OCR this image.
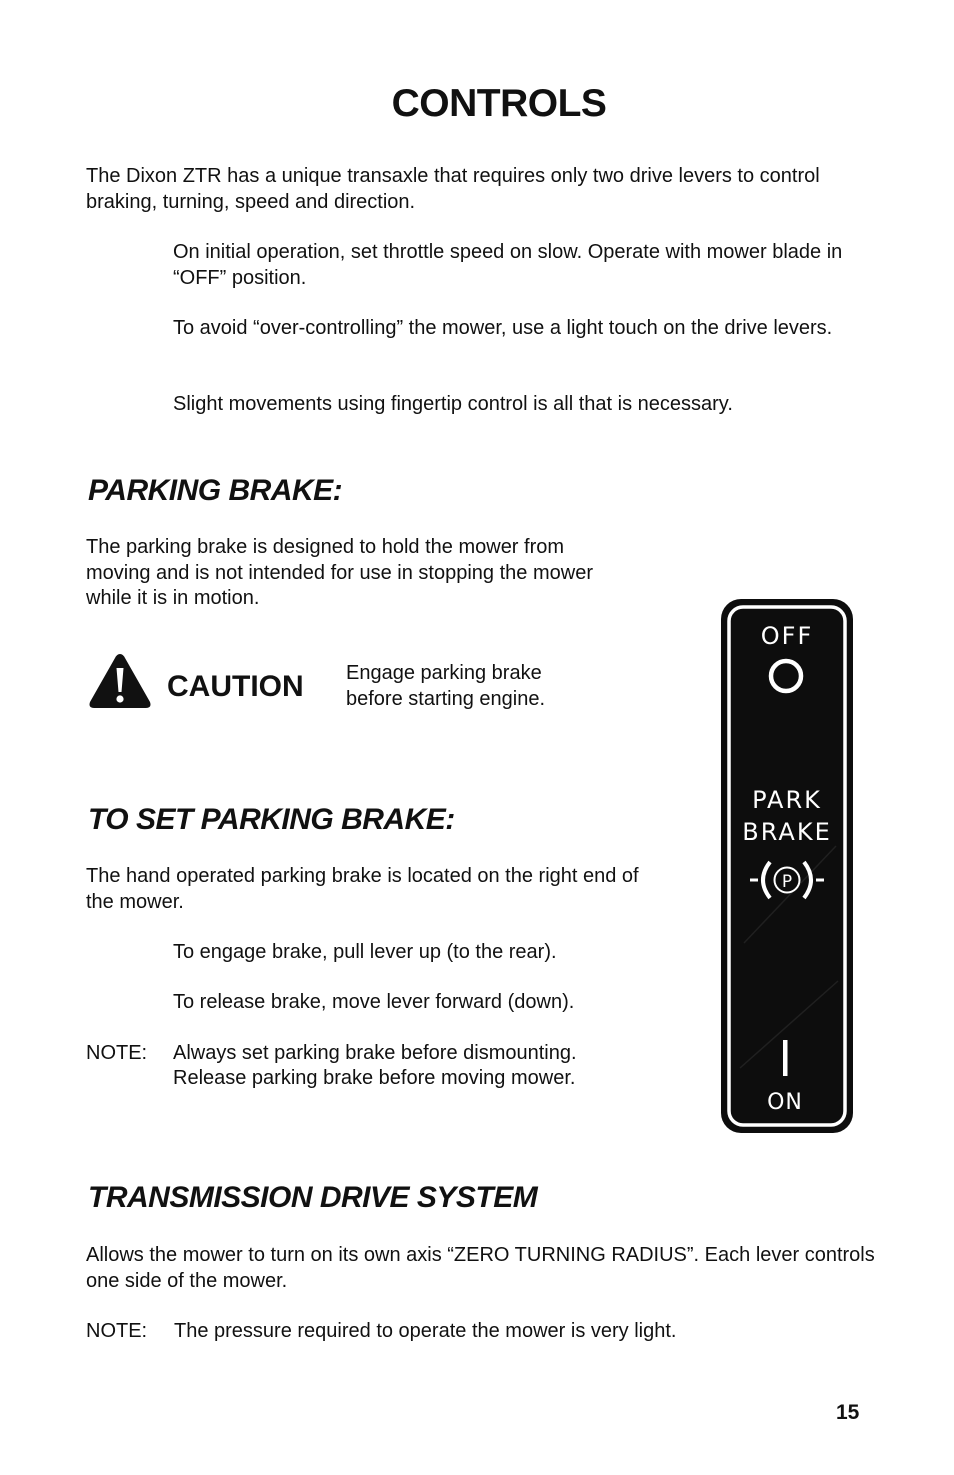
CONTROLS

The Dixon ZTR has a unique transaxle that requires only two drive levers to control braking, turning, speed and direction.

On initial operation, set throttle speed on slow. Operate with mower blade in “OFF” position.

To avoid “over-controlling” the mower, use a light touch on the drive levers.

Slight movements using fingertip control is all that is necessary.

PARKING BRAKE:

The parking brake is designed to hold the mower from moving and is not intended for use in stopping the mower while it is in motion.

CAUTION Engage parking brake before starting engine.

TO SET PARKING BRAKE:

The hand operated parking brake is located on the right end of the mower.

To engage brake, pull lever up (to the rear).

To release brake, move lever forward (down).

NOTE: Always set parking brake before dismounting.

Release parking brake before moving mower.

OFF
PARK
BRAKE
P
ON
TRANSMISSION DRIVE SYSTEM

Allows the mower to turn on its own axis “ZERO TURNING RADIUS”. Each lever controls one side of the mower.

NOTE: The pressure required to operate the mower is very light.

15
